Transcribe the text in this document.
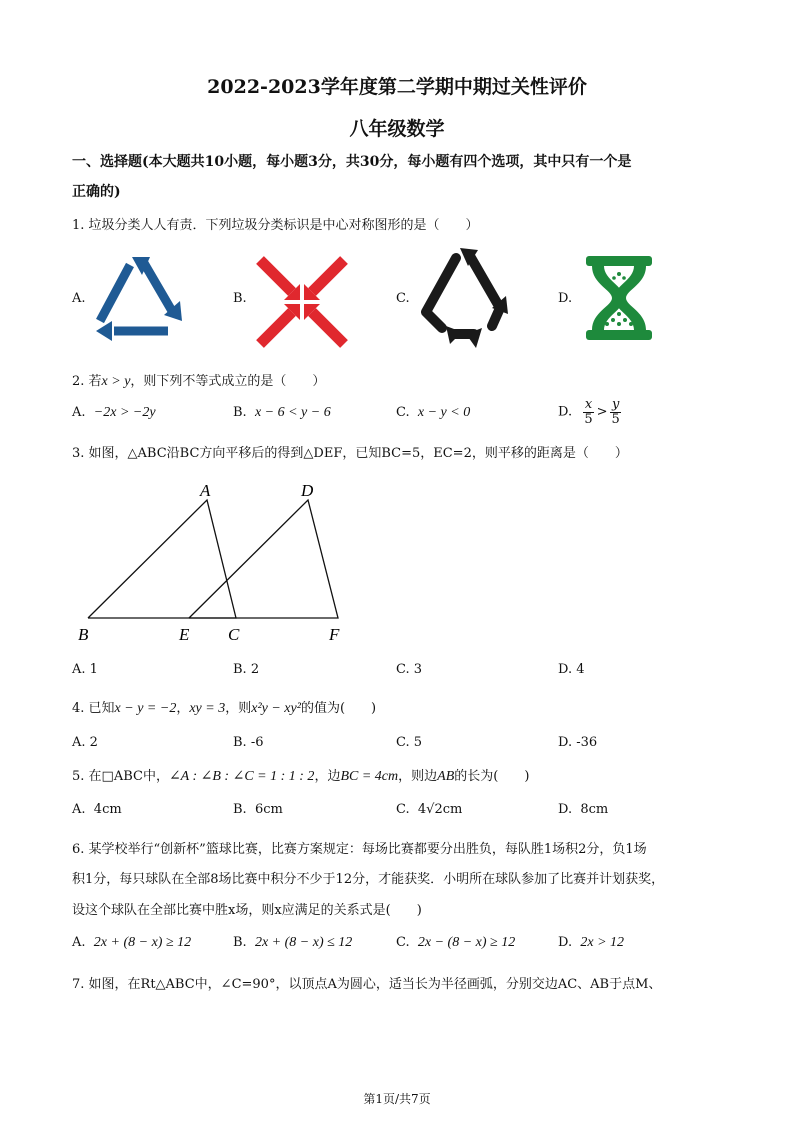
2022-2023学年度第二学期中期过关性评价
八年级数学
一、选择题(本大题共10小题，每小题3分，共30分，每小题有四个选项，其中只有一个是
正确的)
1. 垃圾分类人人有责．下列垃圾分类标识是中心对称图形的是（　　）
A.	B.	C.	D.
2. 若x > y，则下列不等式成立的是（　　）
A. −2x > −2y	B. x − 6 < y − 6	C. x − y < 0	D. $\frac{x}{5} > \frac{y}{5}$
3. 如图，△ABC沿BC方向平移后的得到△DEF，已知BC=5，EC=2，则平移的距离是（　　）
A	D
B	E C	F
A. 1	B. 2	C. 3	D. 4
4. 已知x − y = −2，xy = 3，则x²y − xy²的值为(　　)
A. 2	B. -6	C. 5	D. -36
5. 在□ABC中，∠A : ∠B : ∠C = 1 : 1 : 2，边BC = 4cm，则边AB的长为(　　)
A. 4cm	B. 6cm	C. 4√2cm	D. 8cm
6. 某学校举行“创新杯”篮球比赛，比赛方案规定：每场比赛都要分出胜负，每队胜1场积2分，负1场
积1分，每只球队在全部8场比赛中积分不少于12分，才能获奖．小明所在球队参加了比赛并计划获奖，
设这个球队在全部比赛中胜x场，则x应满足的关系式是(　　)
A. 2x + (8 − x) ≥ 12	B. 2x + (8 − x) ≤ 12	C. 2x − (8 − x) ≥ 12	D. 2x > 12
7. 如图，在Rt△ABC中，∠C=90°，以顶点A为圆心，适当长为半径画弧，分别交边AC、AB于点M、
第1页/共7页
